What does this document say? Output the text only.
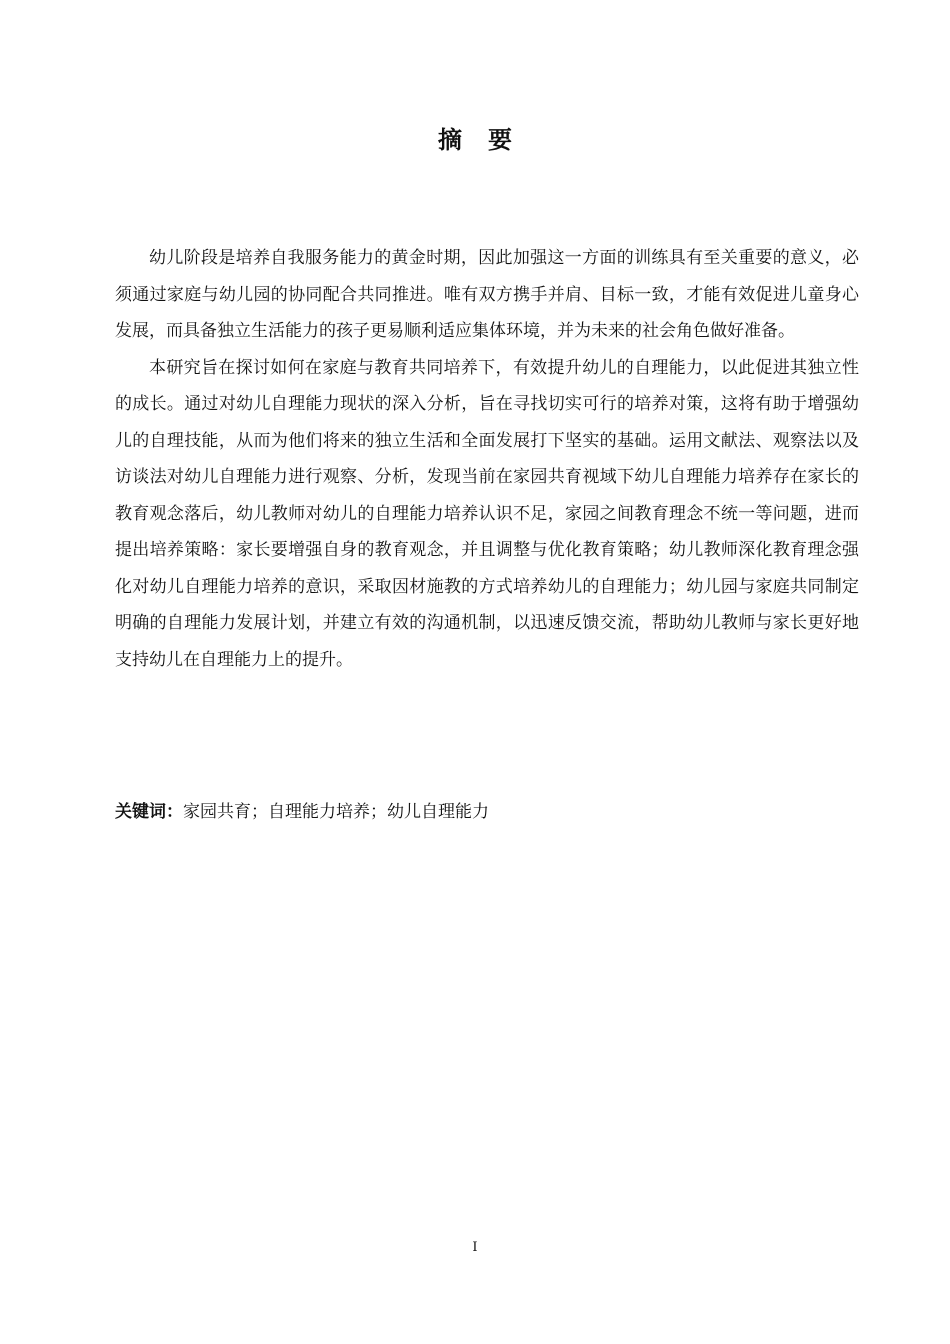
摘要

幼儿阶段是培养自我服务能力的黄金时期，因此加强这一方面的训练具有至关重要的意义，必须通过家庭与幼儿园的协同配合共同推进。唯有双方携手并肩、目标一致，才能有效促进儿童身心发展，而具备独立生活能力的孩子更易顺利适应集体环境，并为未来的社会角色做好准备。

本研究旨在探讨如何在家庭与教育共同培养下，有效提升幼儿的自理能力，以此促进其独立性的成长。通过对幼儿自理能力现状的深入分析，旨在寻找切实可行的培养对策，这将有助于增强幼儿的自理技能，从而为他们将来的独立生活和全面发展打下坚实的基础。运用文献法、观察法以及访谈法对幼儿自理能力进行观察、分析，发现当前在家园共育视域下幼儿自理能力培养存在家长的教育观念落后，幼儿教师对幼儿的自理能力培养认识不足，家园之间教育理念不统一等问题，进而提出培养策略：家长要增强自身的教育观念，并且调整与优化教育策略；幼儿教师深化教育理念强化对幼儿自理能力培养的意识，采取因材施教的方式培养幼儿的自理能力；幼儿园与家庭共同制定明确的自理能力发展计划，并建立有效的沟通机制，以迅速反馈交流，帮助幼儿教师与家长更好地支持幼儿在自理能力上的提升。

关键词：家园共育；自理能力培养；幼儿自理能力
I
